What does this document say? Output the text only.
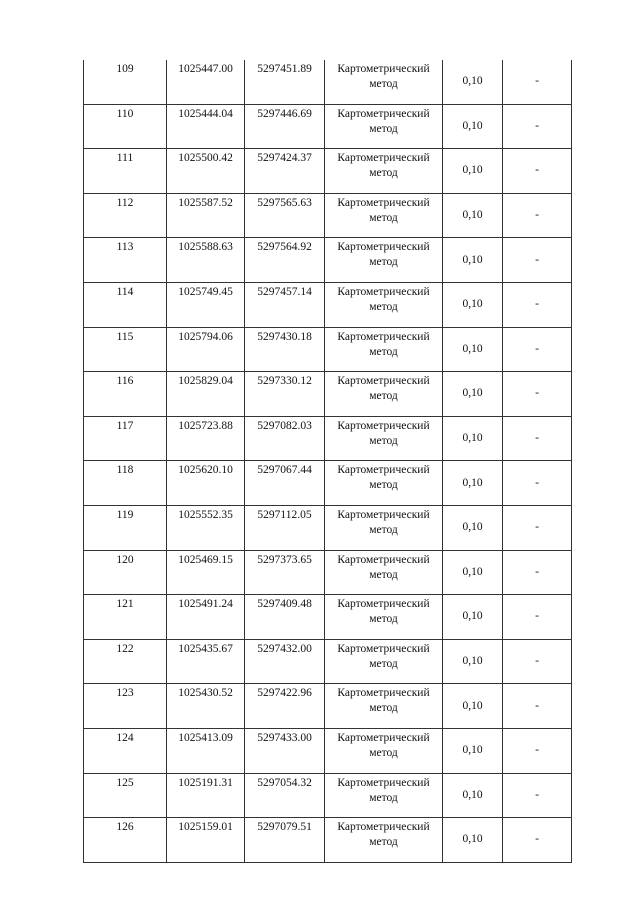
109	1025447.00	5297451.89	Картометрический метод	0,10	-
110	1025444.04	5297446.69	Картометрический метод	0,10	-
111	1025500.42	5297424.37	Картометрический метод	0,10	-
112	1025587.52	5297565.63	Картометрический метод	0,10	-
113	1025588.63	5297564.92	Картометрический метод	0,10	-
114	1025749.45	5297457.14	Картометрический метод	0,10	-
115	1025794.06	5297430.18	Картометрический метод	0,10	-
116	1025829.04	5297330.12	Картометрический метод	0,10	-
117	1025723.88	5297082.03	Картометрический метод	0,10	-
118	1025620.10	5297067.44	Картометрический метод	0,10	-
119	1025552.35	5297112.05	Картометрический метод	0,10	-
120	1025469.15	5297373.65	Картометрический метод	0,10	-
121	1025491.24	5297409.48	Картометрический метод	0,10	-
122	1025435.67	5297432.00	Картометрический метод	0,10	-
123	1025430.52	5297422.96	Картометрический метод	0,10	-
124	1025413.09	5297433.00	Картометрический метод	0,10	-
125	1025191.31	5297054.32	Картометрический метод	0,10	-
126	1025159.01	5297079.51	Картометрический метод	0,10	-
